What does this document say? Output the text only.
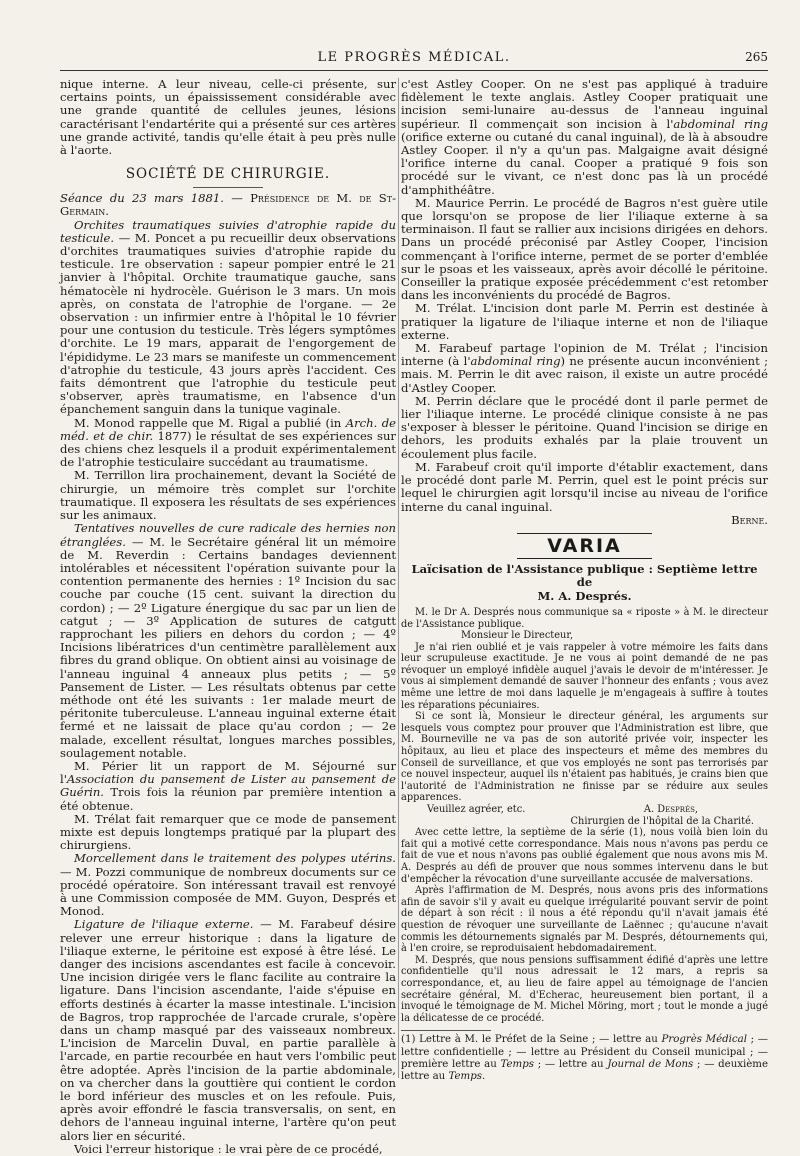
LE PROGRÈS MÉDICAL.	265

nique interne. A leur niveau, celle-ci présente, sur certains points, un épaississement considérable avec une grande quantité de cellules jeunes, lésions caractérisant l'endartérite qui a présenté sur ces artères une grande activité, tandis qu'elle était à peu près nulle à l'aorte.

SOCIÉTÉ DE CHIRURGIE.

Séance du 23 mars 1881. — Présidence de M. de St-Germain.

Orchites traumatiques suivies d'atrophie rapide du testicule. — M. Poncet a pu recueillir deux observations d'orchites traumatiques suivies d'atrophie rapide du testicule. 1re observation : sapeur pompier entré le 21 janvier à l'hôpital. Orchite traumatique gauche, sans hématocèle ni hydrocèle. Guérison le 3 mars. Un mois après, on constata de l'atrophie de l'organe. — 2e observation : un infirmier entre à l'hôpital le 10 février pour une contusion du testicule. Très légers symptômes d'orchite. Le 19 mars, apparait de l'engorgement de l'épididyme. Le 23 mars se manifeste un commencement d'atrophie du testicule, 43 jours après l'accident. Ces faits démontrent que l'atrophie du testicule peut s'observer, après traumatisme, en l'absence d'un épanchement sanguin dans la tunique vaginale.

M. Monod rappelle que M. Rigal a publié (in Arch. de méd. et de chir. 1877) le résultat de ses expériences sur des chiens chez lesquels il a produit expérimentalement de l'atrophie testiculaire succédant au traumatisme.

M. Terrillon lira prochainement, devant la Société de chirurgie, un mémoire très complet sur l'orchite traumatique. Il exposera les résultats de ses expériences sur les animaux.

Tentatives nouvelles de cure radicale des hernies non étranglées. — M. le Secrétaire général lit un mémoire de M. Reverdin : Certains bandages deviennent intolérables et nécessitent l'opération suivante pour la contention permanente des hernies : 1º Incision du sac couche par couche (15 cent. suivant la direction du cordon) ; — 2º Ligature énergique du sac par un lien de catgut ; — 3º Application de sutures de catgutt rapprochant les piliers en dehors du cordon ; — 4º Incisions libératrices d'un centimètre parallèlement aux fibres du grand oblique. On obtient ainsi au voisinage de l'anneau inguinal 4 anneaux plus petits ; — 5º Pansement de Lister. — Les résultats obtenus par cette méthode ont été les suivants : 1er malade meurt de péritonite tuberculeuse. L'anneau inguinal externe était fermé et ne laissait de place qu'au cordon ; — 2e malade, excellent résultat, longues marches possibles, soulagement notable.

M. Périer lit un rapport de M. Séjourné sur l'Association du pansement de Lister au pansement de Guérin. Trois fois la réunion par première intention a été obtenue.

M. Trélat fait remarquer que ce mode de pansement mixte est depuis longtemps pratiqué par la plupart des chirurgiens.

Morcellement dans le traitement des polypes utérins. — M. Pozzi communique de nombreux documents sur ce procédé opératoire. Son intéressant travail est renvoyé à une Commission composée de MM. Guyon, Després et Monod.

Ligature de l'iliaque externe. — M. Farabeuf désire relever une erreur historique : dans la ligature de l'iliaque externe, le péritoine est exposé à être lésé. Le danger des incisions ascendantes est facile à concevoir. Une incision dirigée vers le flanc facilite au contraire la ligature. Dans l'incision ascendante, l'aide s'épuise en efforts destinés à écarter la masse intestinale. L'incision de Bagros, trop rapprochée de l'arcade crurale, s'opère dans un champ masqué par des vaisseaux nombreux. L'incision de Marcelin Duval, en partie parallèle à l'arcade, en partie recourbée en haut vers l'ombilic peut être adoptée. Après l'incision de la partie abdominale, on va chercher dans la gouttière qui contient le cordon le bord inférieur des muscles et on les refoule. Puis, après avoir effondré le fascia transversalis, on sent, en dehors de l'anneau inguinal interne, l'artère qu'on peut alors lier en sécurité.

Voici l'erreur historique : le vrai père de ce procédé,

c'est Astley Cooper. On ne s'est pas appliqué à traduire fidèlement le texte anglais. Astley Cooper pratiquait une incision semi-lunaire au-dessus de l'anneau inguinal supérieur. Il commençait son incision à l'abdominal ring (orifice externe ou cutané du canal inguinal), de là à absoudre Astley Cooper. il n'y a qu'un pas. Malgaigne avait désigné l'orifice interne du canal. Cooper a pratiqué 9 fois son procédé sur le vivant, ce n'est donc pas là un procédé d'amphithéâtre.

M. Maurice Perrin. Le procédé de Bagros n'est guère utile que lorsqu'on se propose de lier l'iliaque externe à sa terminaison. Il faut se rallier aux incisions dirigées en dehors. Dans un procédé préconisé par Astley Cooper, l'incision commençant à l'orifice interne, permet de se porter d'emblée sur le psoas et les vaisseaux, après avoir décollé le péritoine. Conseiller la pratique exposée précédemment c'est retomber dans les inconvénients du procédé de Bagros.

M. Trélat. L'incision dont parle M. Perrin est destinée à pratiquer la ligature de l'iliaque interne et non de l'iliaque externe.

M. Farabeuf partage l'opinion de M. Trélat ; l'incision interne (à l'abdominal ring) ne présente aucun inconvénient ; mais. M. Perrin le dit avec raison, il existe un autre procédé d'Astley Cooper.

M. Perrin déclare que le procédé dont il parle permet de lier l'iliaque interne. Le procédé clinique consiste à ne pas s'exposer à blesser le péritoine. Quand l'incision se dirige en dehors, les produits exhalés par la plaie trouvent un écoulement plus facile.

M. Farabeuf croit qu'il importe d'établir exactement, dans le procédé dont parle M. Perrin, quel est le point précis sur lequel le chirurgien agit lorsqu'il incise au niveau de l'orifice interne du canal inguinal.

Berne.
VARIA
Laïcisation de l'Assistance publique : Septième lettre de
M. A. Després.

M. le Dr A. Després nous communique sa « riposte » à M. le directeur de l'Assistance publique.

Monsieur le Directeur,

Je n'ai rien oublié et je vais rappeler à votre mémoire les faits dans leur scrupuleuse exactitude. Je ne vous ai point demandé de ne pas révoquer un employé infidèle auquel j'avais le devoir de m'intéresser. Je vous ai simplement demandé de sauver l'honneur des enfants ; vous avez même une lettre de moi dans laquelle je m'engageais à suffire à toutes les réparations pécuniaires.

Si ce sont là, Monsieur le directeur général, les arguments sur lesquels vous comptez pour prouver que l'Administration est libre, que M. Bourneville ne va pas de son autorité privée voir, inspecter les hôpitaux, au lieu et place des inspecteurs et même des membres du Conseil de surveillance, et que vos employés ne sont pas terrorisés par ce nouvel inspecteur, auquel ils n'étaient pas habitués, je crains bien que l'autorité de l'Administration ne finisse par se réduire aux seules apparences.

Veuillez agréer, etc.	A. Després,
Chirurgien de l'hôpital de la Charité.

Avec cette lettre, la septième de la série (1), nous voilà bien loin du fait qui a motivé cette correspondance. Mais nous n'avons pas perdu ce fait de vue et nous n'avons pas oublié également que nous avons mis M. A. Després au défi de prouver que nous sommes intervenu dans le but d'empêcher la révocation d'une surveillante accusée de malversations.

Après l'affirmation de M. Després, nous avons pris des informations afin de savoir s'il y avait eu quelque irrégularité pouvant servir de point de départ à son récit : il nous a été répondu qu'il n'avait jamais été question de révoquer une surveillante de Laënnec ; qu'aucune n'avait commis les détournements signalés par M. Després, détournements qui, à l'en croire, se reproduisaient hebdomadairement.

M. Després, que nous pensions suffisamment édifié d'après une lettre confidentielle qu'il nous adressait le 12 mars, a repris sa correspondance, et, au lieu de faire appel au témoignage de l'ancien secrétaire général, M. d'Echerac, heureusement bien portant, il a invoqué le témoignage de M. Michel Möring, mort ; tout le monde a jugé la délicatesse de ce procédé.

(1) Lettre à M. le Préfet de la Seine ; — lettre au Progrès Médical ; — lettre confidentielle ; — lettre au Président du Conseil municipal ; — première lettre au Temps ; — lettre au Journal de Mons ; — deuxième lettre au Temps.
